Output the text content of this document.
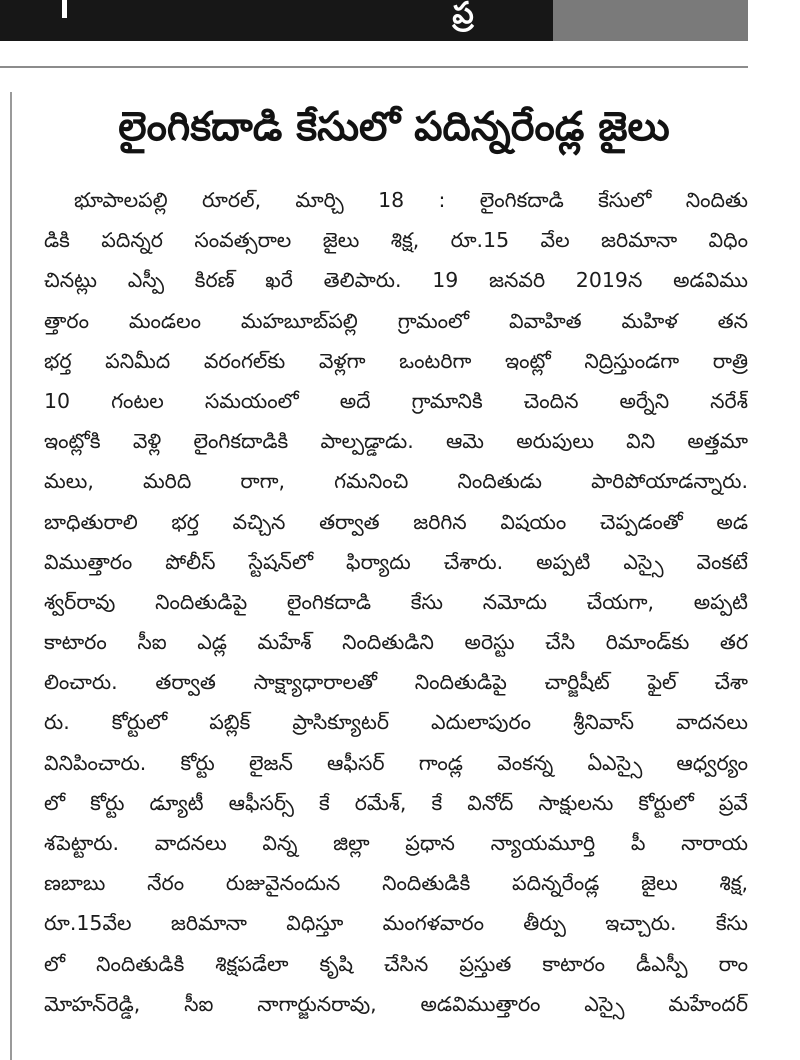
ప్ర
లైంగికదాడి కేసులో పదిన్నరేండ్ల జైలు
భూపాలపల్లి రూరల్‌, మార్చి 18 : లైంగికదాడి కేసులో నిందితు
డికి పదిన్నర సంవత్సరాల జైలు శిక్ష, రూ.15 వేల జరిమానా విధిం
చినట్లు ఎస్పీ కిరణ్‌ ఖరే తెలిపారు. 19 జనవరి 2019న అడవిము
త్తారం మండలం మహబూబ్‌పల్లి గ్రామంలో వివాహిత మహిళ తన
భర్త పనిమీద వరంగల్‌కు వెళ్లగా ఒంటరిగా ఇంట్లో నిద్రిస్తుండగా రాత్రి
10 గంటల సమయంలో అదే గ్రామానికి చెందిన అర్నేని నరేశ్‌
ఇంట్లోకి వెళ్లి లైంగికదాడికి పాల్పడ్డాడు. ఆమె అరుపులు విని అత్తమా
మలు, మరిది రాగా, గమనించి నిందితుడు పారిపోయాడన్నారు.
బాధితురాలి భర్త వచ్చిన తర్వాత జరిగిన విషయం చెప్పడంతో అడ
విముత్తారం పోలీస్‌ స్టేషన్‌లో ఫిర్యాదు చేశారు. అప్పటి ఎస్సై వెంకటే
శ్వర్‌రావు నిందితుడిపై లైంగికదాడి కేసు నమోదు చేయగా, అప్పటి
కాటారం సీఐ ఎడ్ల మహేశ్‌ నిందితుడిని అరెస్టు చేసి రిమాండ్‌కు తర
లించారు. తర్వాత సాక్ష్యాధారాలతో నిందితుడిపై చార్జిషీట్‌ ఫైల్‌ చేశా
రు. కోర్టులో పబ్లిక్‌ ప్రాసిక్యూటర్‌ ఎదులాపురం శ్రీనివాస్‌ వాదనలు
వినిపించారు. కోర్టు లైజన్‌ ఆఫీసర్‌ గాండ్ల వెంకన్న ఏఎస్సై ఆధ్వర్యం
లో కోర్టు డ్యూటీ ఆఫీసర్స్‌ కే రమేశ్‌, కే వినోద్‌ సాక్షులను కోర్టులో ప్రవే
శపెట్టారు. వాదనలు విన్న జిల్లా ప్రధాన న్యాయమూర్తి పీ నారాయ
ణబాబు నేరం రుజువైనందున నిందితుడికి పదిన్నరేండ్ల జైలు శిక్ష,
రూ.15వేల జరిమానా విధిస్తూ మంగళవారం తీర్పు ఇచ్చారు. కేసు
లో నిందితుడికి శిక్షపడేలా కృషి చేసిన ప్రస్తుత కాటారం డీఎస్పీ రాం
మోహన్‌రెడ్డి, సీఐ నాగార్జునరావు, అడవిముత్తారం ఎస్సై మహేందర్‌
